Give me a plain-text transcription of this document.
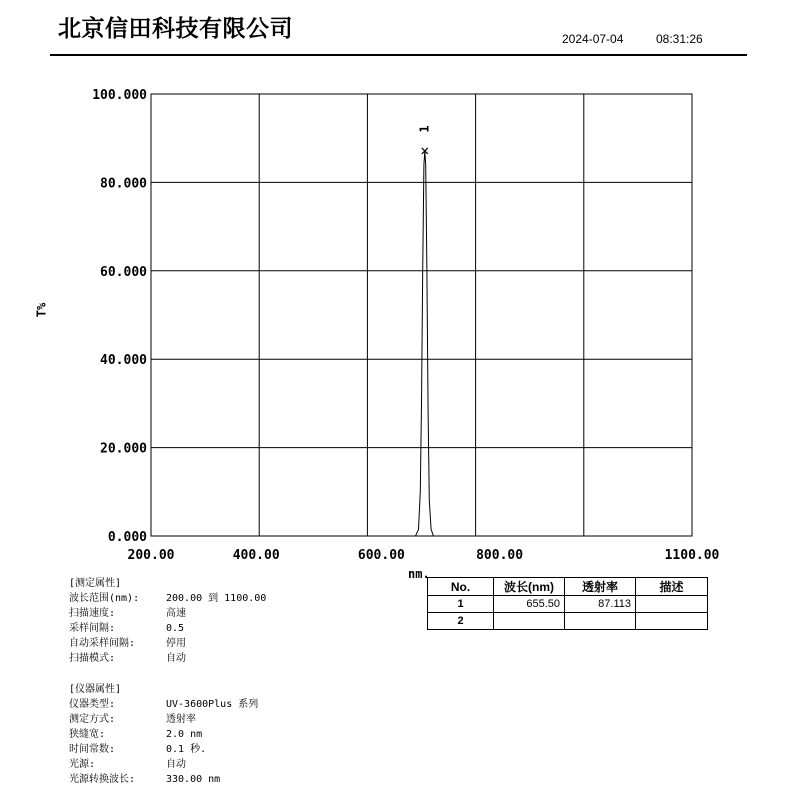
北京信田科技有限公司	2024-07-04	08:31:26
0.000
20.000
40.000
60.000
80.000
100.000
200.00	400.00	600.00	800.00	1100.00
1
T%
nm.
No.	波长(nm)	透射率	描述
1	655.50	87.113	
2			
[测定属性]
波长范围(nm):	200.00 到 1100.00
扫描速度:	高速
采样间隔:	0.5
自动采样间隔:	停用
扫描模式:	自动
[仪器属性]
仪器类型:	UV-3600Plus 系列
测定方式:	透射率
狭缝宽:	2.0 nm
时间常数:	0.1 秒.
光源:	自动
光源转换波长:	330.00 nm
